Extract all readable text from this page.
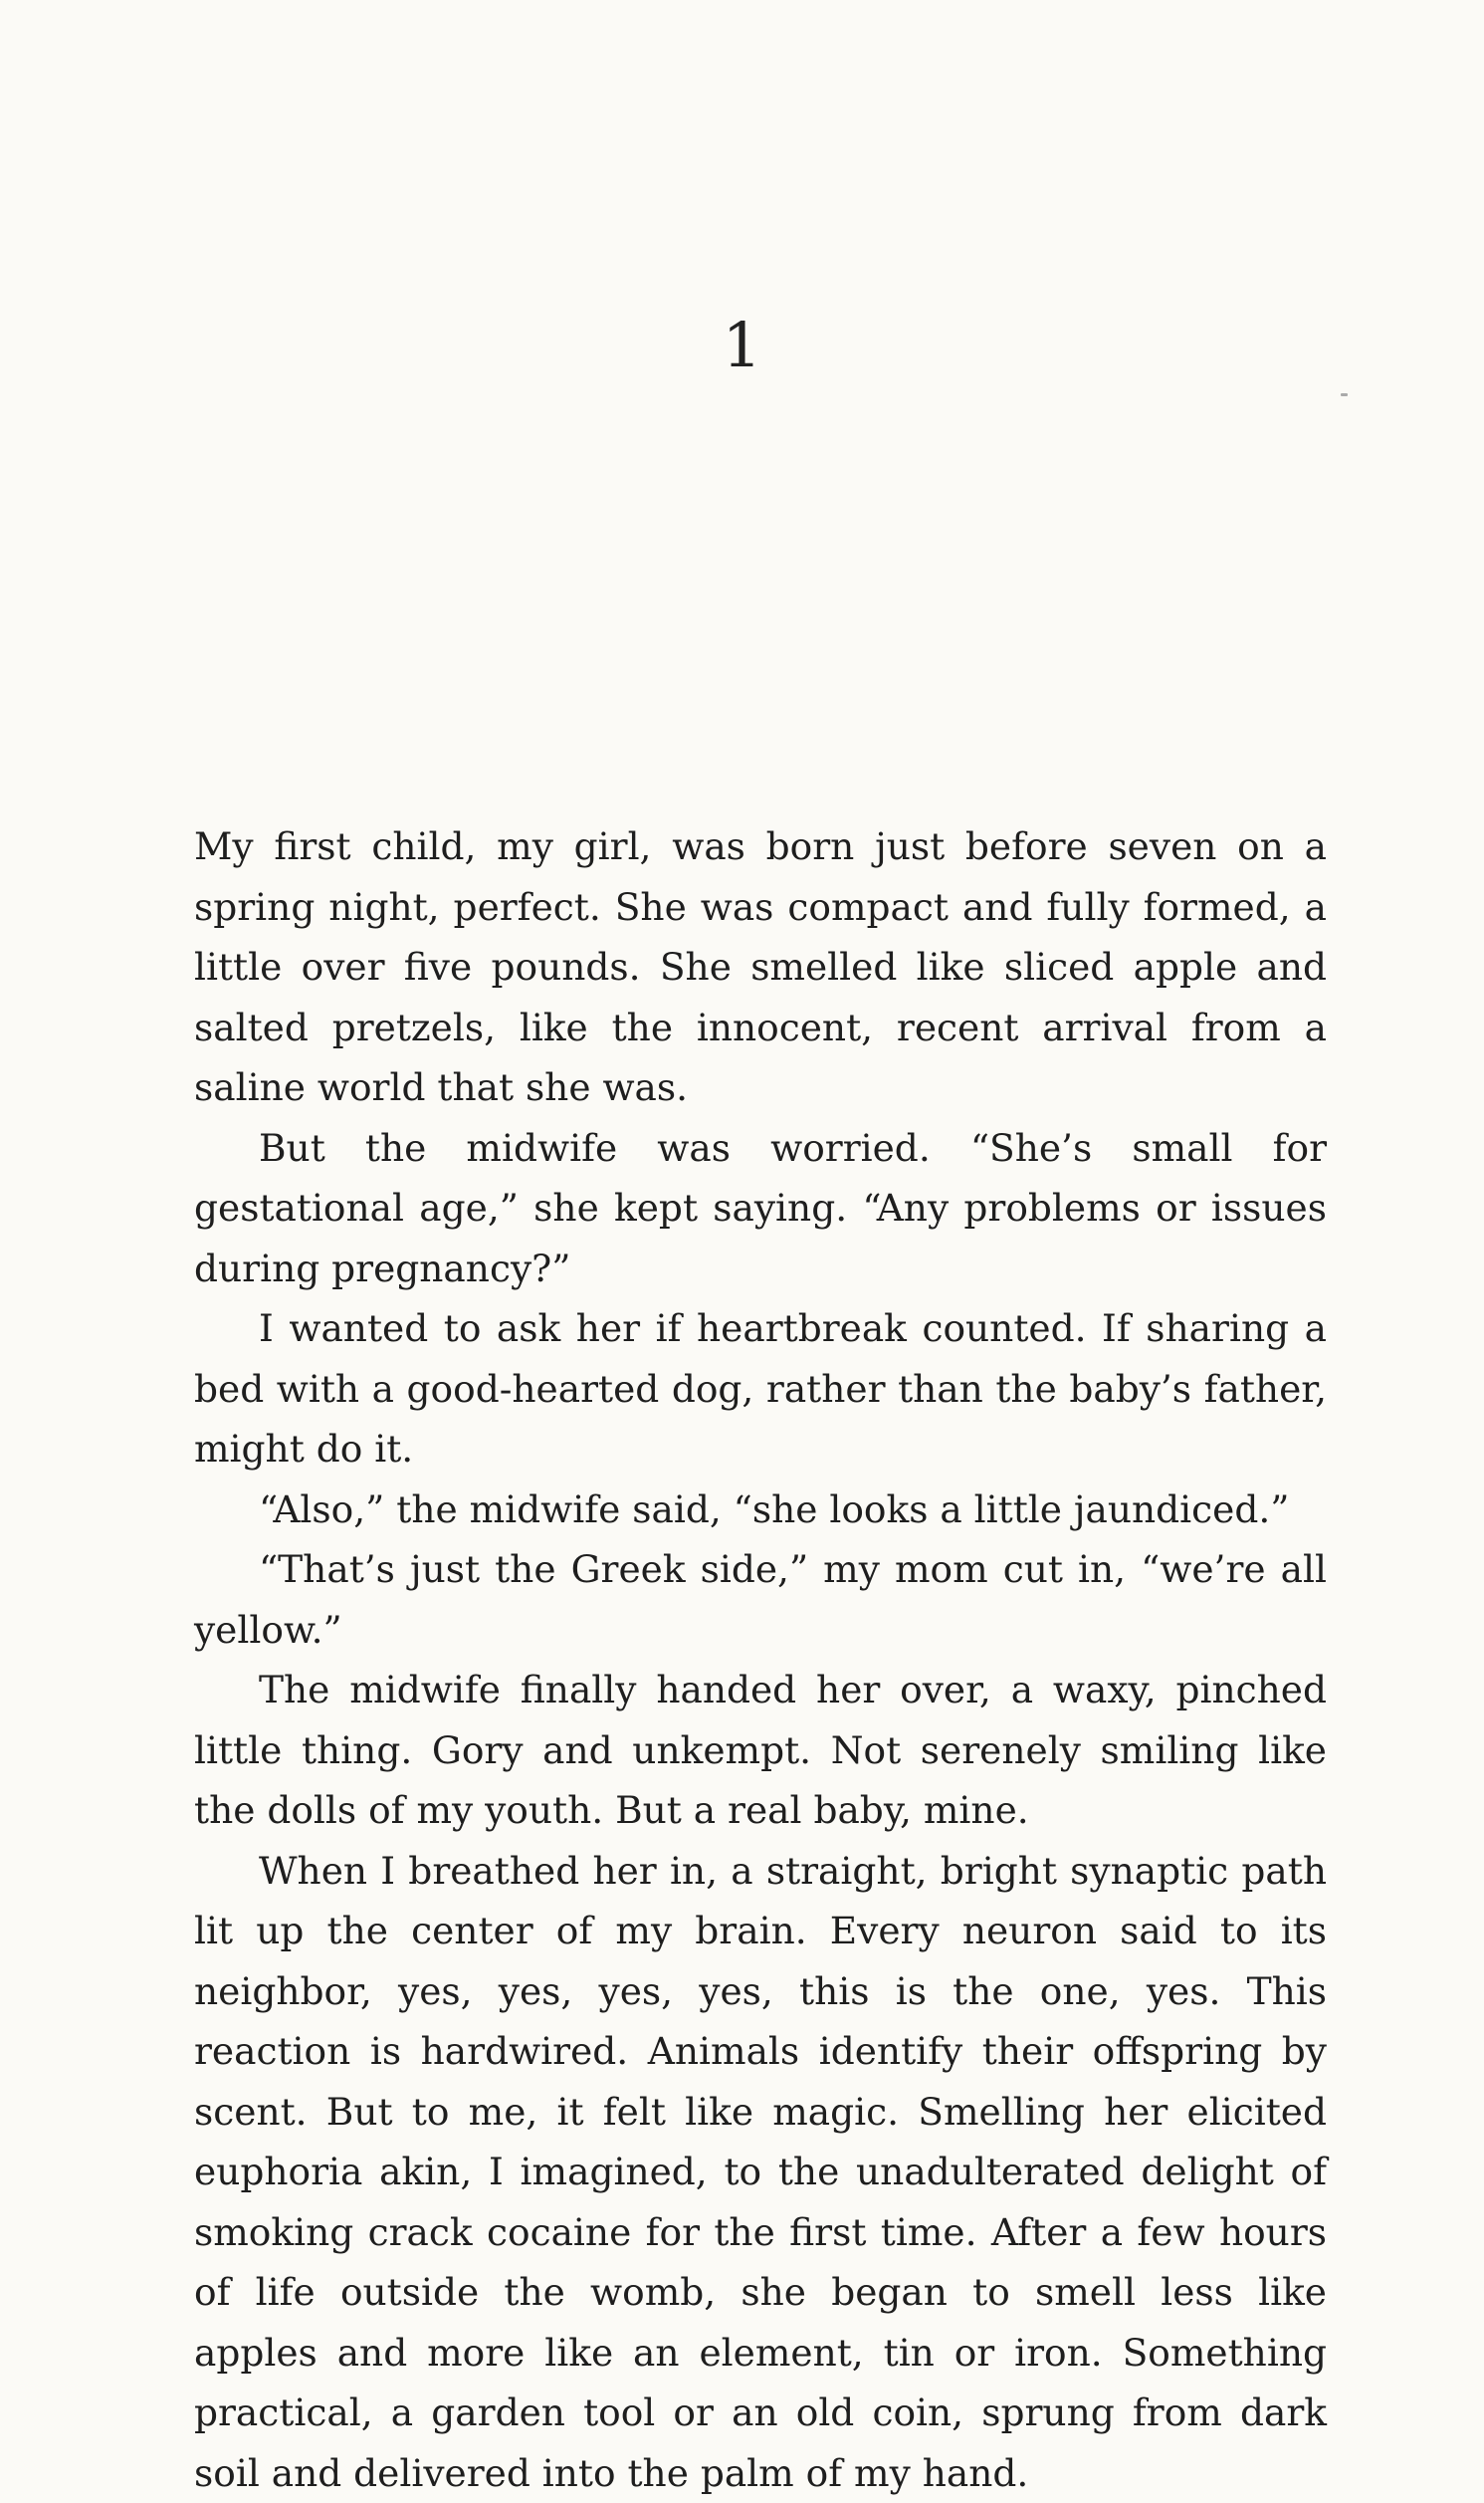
1

My first child, my girl, was born just before seven on a spring night, perfect. She was compact and fully formed, a little over five pounds. She smelled like sliced apple and salted pretzels, like the innocent, recent arrival from a saline world that she was.

But the midwife was worried. “She’s small for gestational age,” she kept saying. “Any problems or issues during pregnancy?”

I wanted to ask her if heartbreak counted. If sharing a bed with a good-hearted dog, rather than the baby’s father, might do it.

“Also,” the midwife said, “she looks a little jaundiced.”

“That’s just the Greek side,” my mom cut in, “we’re all yellow.”

The midwife finally handed her over, a waxy, pinched little thing. Gory and unkempt. Not serenely smiling like the dolls of my youth. But a real baby, mine.

When I breathed her in, a straight, bright synaptic path lit up the center of my brain. Every neuron said to its neighbor, yes, yes, yes, yes, this is the one, yes. This reaction is hardwired. Animals identify their offspring by scent. But to me, it felt like magic. Smelling her elicited euphoria akin, I imagined, to the unadulterated delight of smoking crack cocaine for the first time. After a few hours of life outside the womb, she began to smell less like apples and more like an element, tin or iron. Something practical, a garden tool or an old coin, sprung from dark soil and delivered into the palm of my hand.
